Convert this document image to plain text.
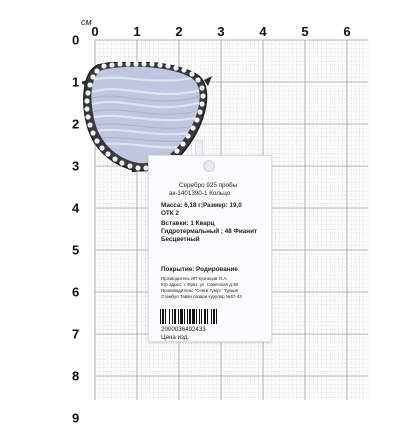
см
0	1	2	3	4	5	6
0
1
2
3
4
5
6
7
8
9
Серебро 925 пробы
ак-1401390-1 Кольцо
Масса: 6,18 г;Размер: 19,0
ОТК 2
Вставки: 1 Кварц
Гидротермальный ; 48 Фианит
Бесцветный
Покрытие: Родирование
Прозводитель ИП Кузнецов О.А.
Юр адрес: г. Фряз. ул. Советская д.39
Производитель: "Севги Гумус" Турция
Стамбул Таван пазари курулар №57-43
2000036492433
Цена изд.
